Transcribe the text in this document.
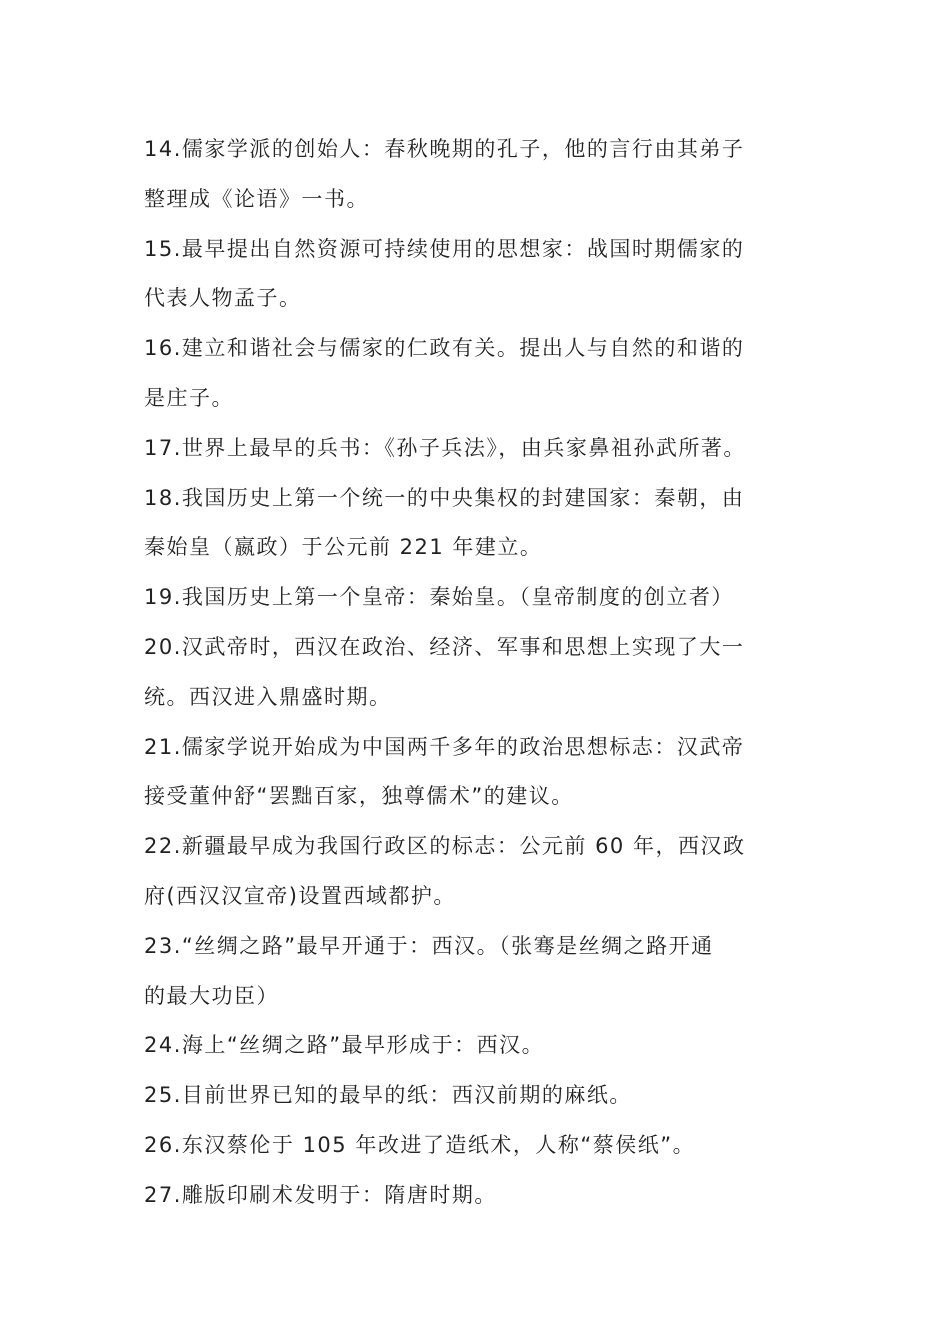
14.儒家学派的创始人：春秋晚期的孔子，他的言行由其弟子
整理成《论语》一书。
15.最早提出自然资源可持续使用的思想家：战国时期儒家的
代表人物孟子。
16.建立和谐社会与儒家的仁政有关。提出人与自然的和谐的
是庄子。
17.世界上最早的兵书：《孙子兵法》，由兵家鼻祖孙武所著。
18.我国历史上第一个统一的中央集权的封建国家：秦朝，由
秦始皇（嬴政）于公元前 221 年建立。
19.我国历史上第一个皇帝：秦始皇。（皇帝制度的创立者）
20.汉武帝时，西汉在政治、经济、军事和思想上实现了大一
统。西汉进入鼎盛时期。
21.儒家学说开始成为中国两千多年的政治思想标志：汉武帝
接受董仲舒“罢黜百家，独尊儒术”的建议。
22.新疆最早成为我国行政区的标志：公元前 60 年，西汉政
府(西汉汉宣帝)设置西域都护。
23.“丝绸之路”最早开通于：西汉。（张骞是丝绸之路开通
的最大功臣）
24.海上“丝绸之路”最早形成于：西汉。
25.目前世界已知的最早的纸：西汉前期的麻纸。
26.东汉蔡伦于 105 年改进了造纸术，人称“蔡侯纸”。
27.雕版印刷术发明于：隋唐时期。
